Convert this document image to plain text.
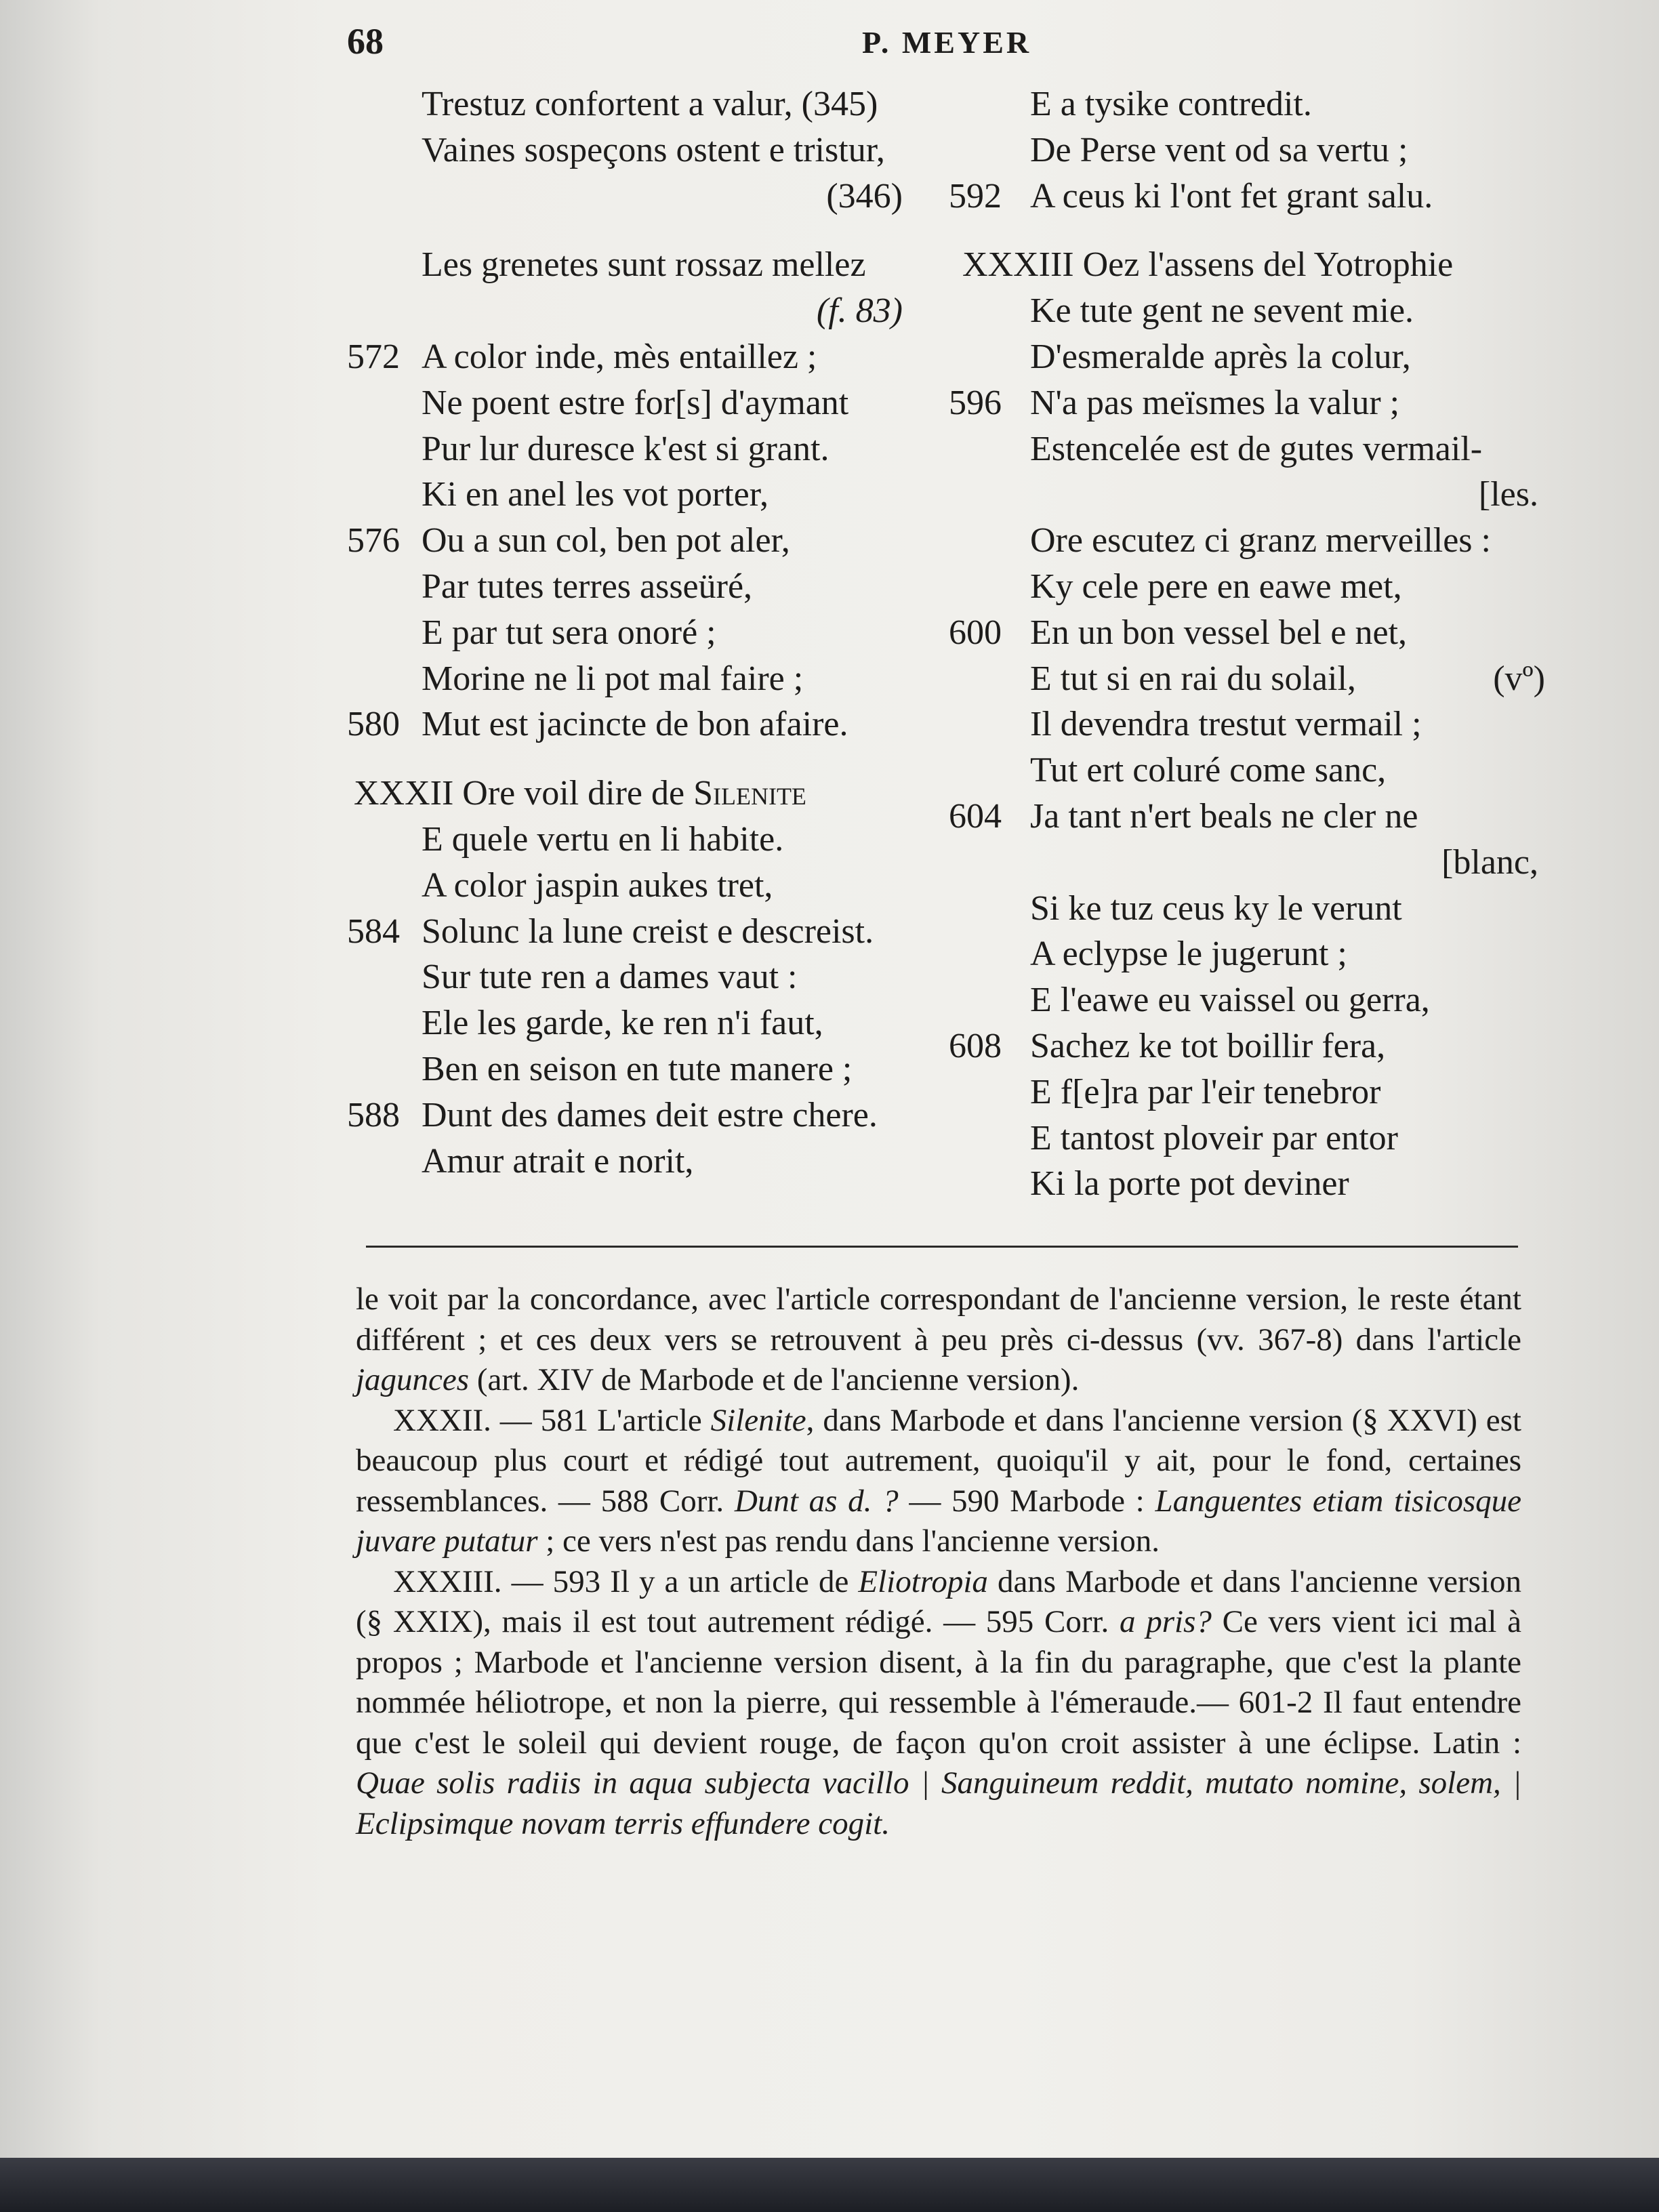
68	P. MEYER
Trestuz confortent a valur, (345)
Vaines sospeçons ostent e tristur,
(346)
Les grenetes sunt rossaz mellez
(f. 83)
572 A color inde, mès entaillez ;
Ne poent estre for[s] d'aymant
Pur lur duresce k'est si grant.
Ki en anel les vot porter,
576 Ou a sun col, ben pot aler,
Par tutes terres asseüré,
E par tut sera onoré ;
Morine ne li pot mal faire ;
580 Mut est jacincte de bon afaire.
XXXII Ore voil dire de Silenite
E quele vertu en li habite.
A color jaspin aukes tret,
584 Solunc la lune creist e descreist.
Sur tute ren a dames vaut :
Ele les garde, ke ren n'i faut,
Ben en seison en tute manere ;
588 Dunt des dames deit estre chere.
Amur atrait e norit,
E a tysike contredit.
De Perse vent od sa vertu ;
592 A ceus ki l'ont fet grant salu.
XXXIII Oez l'assens del Yotrophie
Ke tute gent ne sevent mie.
D'esmeralde après la colur,
596 N'a pas meïsmes la valur ;
Estencelée est de gutes vermail-
[les.
Ore escutez ci granz merveilles :
Ky cele pere en eawe met,
600 En un bon vessel bel e net,
E tut si en rai du solail,	(vº)
Il devendra trestut vermail ;
Tut ert coluré come sanc,
604 Ja tant n'ert beals ne cler ne
[blanc,
Si ke tuz ceus ky le verunt
A eclypse le jugerunt ;
E l'eawe eu vaissel ou gerra,
608 Sachez ke tot boillir fera,
E f[e]ra par l'eir tenebror
E tantost ploveir par entor
Ki la porte pot deviner

le voit par la concordance, avec l'article correspondant de l'ancienne version, le reste étant différent ; et ces deux vers se retrouvent à peu près ci-dessus (vv. 367-8) dans l'article jagunces (art. XIV de Marbode et de l'ancienne version).

XXXII. — 581 L'article Silenite, dans Marbode et dans l'ancienne version (§ XXVI) est beaucoup plus court et rédigé tout autrement, quoiqu'il y ait, pour le fond, certaines ressemblances. — 588 Corr. Dunt as d. ? — 590 Marbode : Languentes etiam tisicosque juvare putatur ; ce vers n'est pas rendu dans l'ancienne version.

XXXIII. — 593 Il y a un article de Eliotropia dans Marbode et dans l'ancienne version (§ XXIX), mais il est tout autrement rédigé. — 595 Corr. a pris? Ce vers vient ici mal à propos ; Marbode et l'ancienne version disent, à la fin du paragraphe, que c'est la plante nommée héliotrope, et non la pierre, qui ressemble à l'émeraude.— 601-2 Il faut entendre que c'est le soleil qui devient rouge, de façon qu'on croit assister à une éclipse. Latin : Quae solis radiis in aqua subjecta vacillo | Sanguineum reddit, mutato nomine, solem, | Eclipsimque novam terris effundere cogit.
